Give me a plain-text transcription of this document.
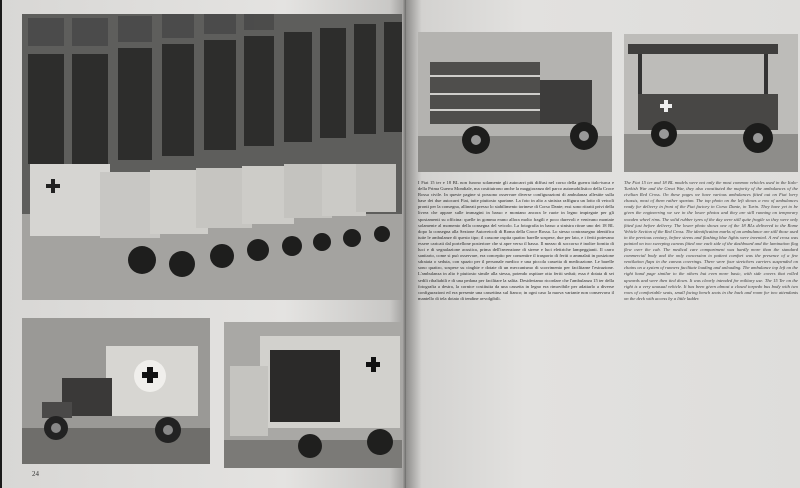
24
I Fiat 15 ter e 18 BL non furono solamente gli autocarri più diffusi nel corso della guerra italo-turca e della Prima Guerra Mondiale, ma costituirono anche la maggioranza del parco automobilistico della Croce Rossa civile. In queste pagine si possono osservare diverse configurazioni di ambulanza allestite sulla base dei due autocarri Fiat, tutte piuttosto spartane. La foto in alto a sinistra raffigura un lotto di veicoli pronti per la consegna, allineati presso lo stabilimento torinese di Corso Dante; essi sono ritratti privi della livrea che appare sulle immagini in basso e montano ancora le ruote in legno impiegate per gli spostamenti su officina: quelle in gomma erano allora molto fragili e poco durevoli e venivano montate solamente al momento della consegna del veicolo. La fotografia in basso a sinistra ritrae uno dei 18 BL dopo la consegna alla Sezione Autoveicoli di Roma della Croce Rossa. Lo stesso contrassegno identifica tutte le ambulanze di questo tipo; il cassone ospita quattro barelle sospese, due per lato, e i feriti potevano essere caricati dal portellone posteriore che si apre verso il basso. Il mezzo di soccorso è inoltre fornito di luci e di segnalazione acustica, prima dell'invenzione di sirene e luci elettriche lampeggianti. Il carro sanitario, come si può osservare, era concepito per consentire il trasporto di feriti o ammalati in posizione sdraiata o seduta, con spazio per il personale medico e una piccola cassetta di medicazione. Le barelle sono quattro, sospese su cinghie e dotate di un meccanismo di scorrimento per facilitarne l'estrazione. L'ambulanza in alto è piuttosto simile alla stessa, potendo ospitare otto feriti seduti; essa è dotata di sei sedili ribaltabili e di una pedana per facilitare la salita. Desideriamo ricordare che l'ambulanza 15 ter della fotografia a destra, la cornice costituita da una cassetta in legno era rimovibile per adattarlo a diverse configurazioni ed era presente una cassettina sul fianco; in ogni caso la nuova variante non conservava il mantello di tela dotato di tendine avvolgibili.
The Fiat 15 ter and 18 BL models were not only the most common vehicles used in the Italo-Turkish War and the Great War, they also constituted the majority of the ambulances of the civilian Red Cross. On these pages we have various ambulances fitted out on Fiat lorry chassis, most of them rather spartan. The top photo on the left shows a row of ambulances ready for delivery in front of the Fiat factory in Corso Dante, in Turin. They have yet to be given the engineering we see in the lower photos and they are still running on temporary wooden wheel rims. The solid rubber tyres of the day were still quite fragile so they were only fitted just before delivery. The lower photo shows one of the 18 BLs delivered to the Rome Vehicle Section of the Red Cross. The identification marks of an ambulance are still those used in the previous century, before sirens and flashing blue lights were invented. A red cross was painted on two sweeping canvas fitted one each side of the dashboard and the lamination flag flew over the cab. The medical care compartment was hardly more than the standard commercial body and the only concession to patient comfort was the presence of a few ventilation flaps in the canvas coverings. There were four stretchers carriers suspended on chains on a system of runners facilitate loading and unloading. The ambulance top left on the right hand page similar to the others but even more basic, with side covers that rolled upwards and were then tied down. It was clearly intended for military use. The 15 Ter on the right is a very unusual vehicle. It has been given almost a closed torpedo bus body with two rows of comfortable seats, small facing bench seats in the back and room for two attendants on the deck with access by a little ladder.
